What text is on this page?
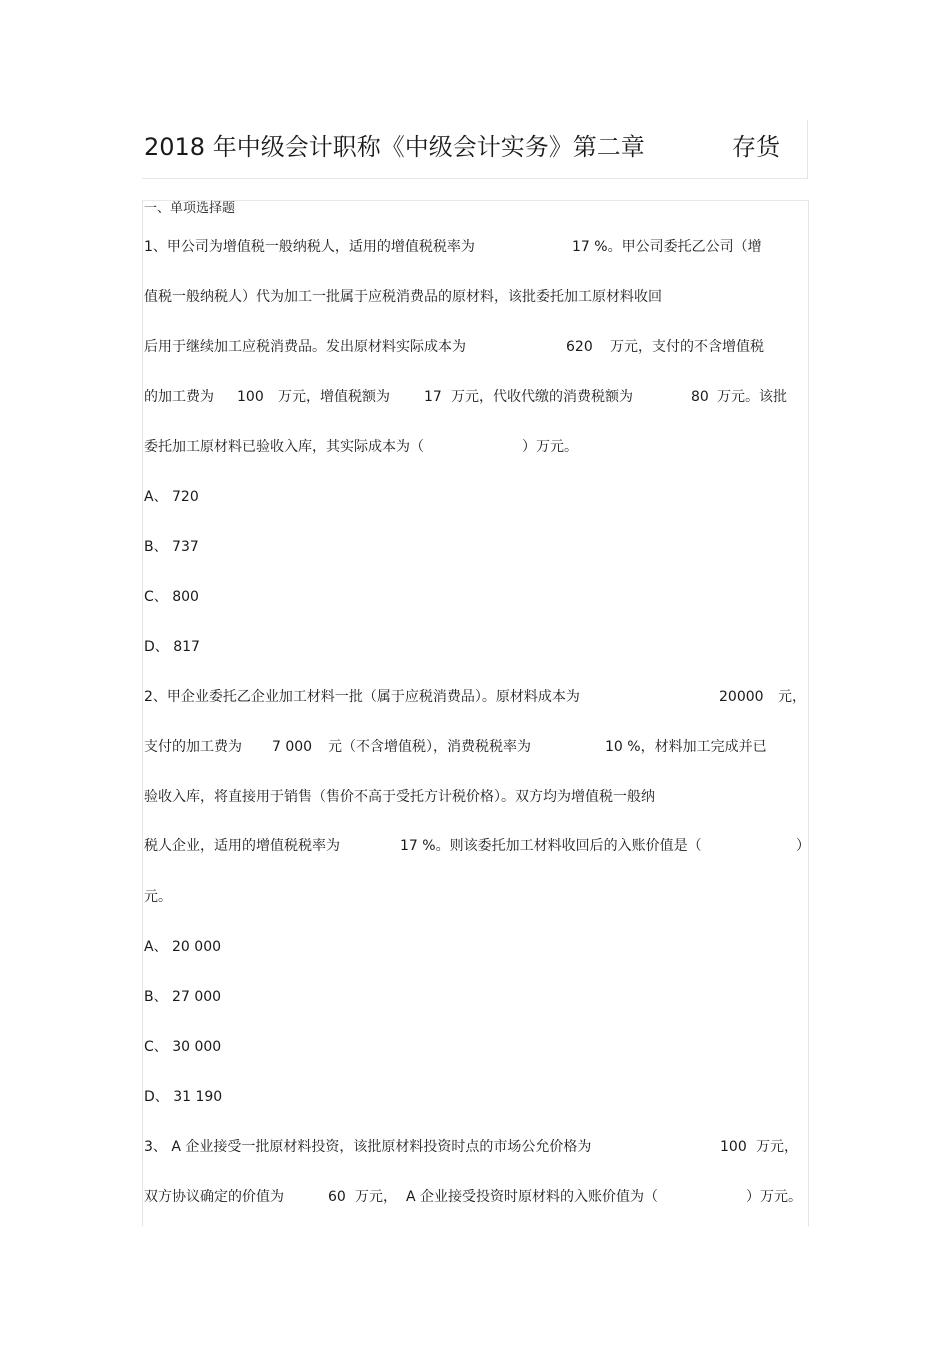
2018 年中级会计职称《中级会计实务》第二章	存货
一、单项选择题
1、甲公司为增值税一般纳税人，适用的增值税税率为	17 %。甲公司委托乙公司（增
值税一般纳税人）代为加工一批属于应税消费品的原材料，该批委托加工原材料收回
后用于继续加工应税消费品。发出原材料实际成本为	620 万元，支付的不含增值税
的加工费为 100 万元，增值税额为 17 万元，代收代缴的消费税额为	80 万元。该批
委托加工原材料已验收入库，其实际成本为（	）万元。
A、 720
B、 737
C、 800
D、 817
2、甲企业委托乙企业加工材料一批（属于应税消费品）。原材料成本为	20000 元，
支付的加工费为 7 000 元（不含增值税），消费税税率为	10 %，材料加工完成并已
验收入库，将直接用于销售（售价不高于受托方计税价格）。双方均为增值税一般纳
税人企业，适用的增值税税率为	17 %。则该委托加工材料收回后的入账价值是（	）
元。
A、 20 000
B、 27 000
C、 30 000
D、 31 190
3、 A 企业接受一批原材料投资，该批原材料投资时点的市场公允价格为	100 万元，
双方协议确定的价值为	60 万元， A 企业接受投资时原材料的入账价值为（	）万元。
